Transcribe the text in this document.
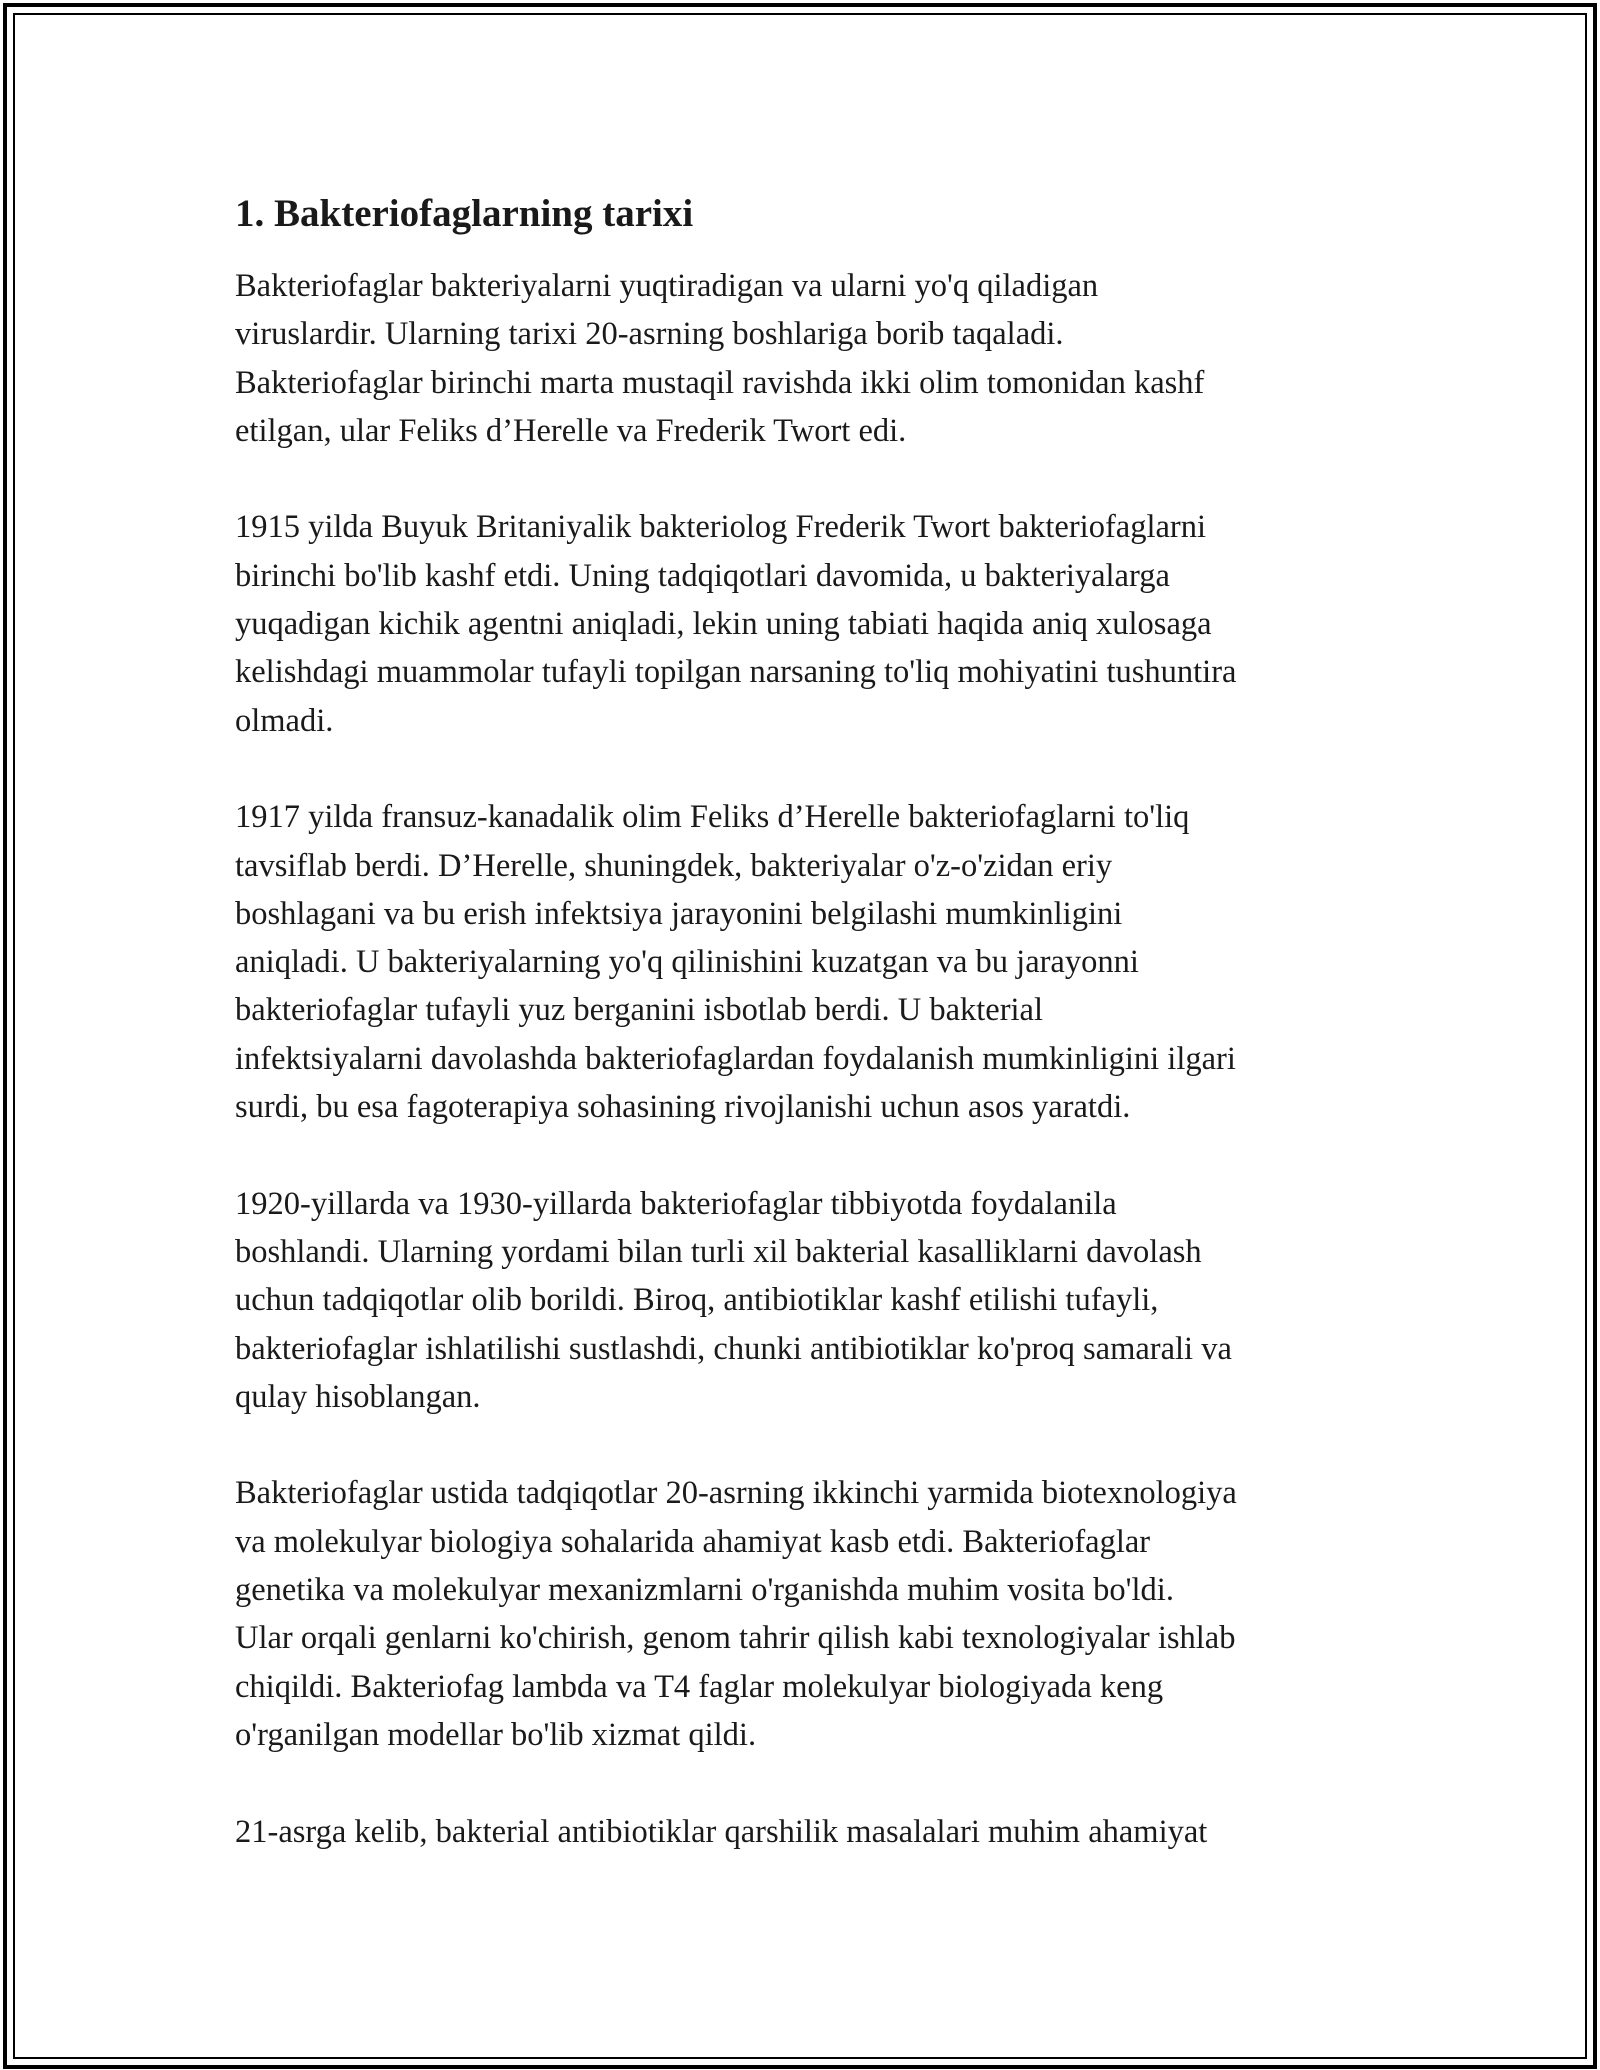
1. Bakteriofaglarning tarixi
Bakteriofaglar bakteriyalarni yuqtiradigan va ularni yo'q qiladigan
viruslardir. Ularning tarixi 20-asrning boshlariga borib taqaladi.
Bakteriofaglar birinchi marta mustaqil ravishda ikki olim tomonidan kashf
etilgan, ular Feliks d’Herelle va Frederik Twort edi.
1915 yilda Buyuk Britaniyalik bakteriolog Frederik Twort bakteriofaglarni
birinchi bo'lib kashf etdi. Uning tadqiqotlari davomida, u bakteriyalarga
yuqadigan kichik agentni aniqladi, lekin uning tabiati haqida aniq xulosaga
kelishdagi muammolar tufayli topilgan narsaning to'liq mohiyatini tushuntira
olmadi.
1917 yilda fransuz-kanadalik olim Feliks d’Herelle bakteriofaglarni to'liq
tavsiflab berdi. D’Herelle, shuningdek, bakteriyalar o'z-o'zidan eriy
boshlagani va bu erish infektsiya jarayonini belgilashi mumkinligini
aniqladi. U bakteriyalarning yo'q qilinishini kuzatgan va bu jarayonni
bakteriofaglar tufayli yuz berganini isbotlab berdi. U bakterial
infektsiyalarni davolashda bakteriofaglardan foydalanish mumkinligini ilgari
surdi, bu esa fagoterapiya sohasining rivojlanishi uchun asos yaratdi.
1920-yillarda va 1930-yillarda bakteriofaglar tibbiyotda foydalanila
boshlandi. Ularning yordami bilan turli xil bakterial kasalliklarni davolash
uchun tadqiqotlar olib borildi. Biroq, antibiotiklar kashf etilishi tufayli,
bakteriofaglar ishlatilishi sustlashdi, chunki antibiotiklar ko'proq samarali va
qulay hisoblangan.
Bakteriofaglar ustida tadqiqotlar 20-asrning ikkinchi yarmida biotexnologiya
va molekulyar biologiya sohalarida ahamiyat kasb etdi. Bakteriofaglar
genetika va molekulyar mexanizmlarni o'rganishda muhim vosita bo'ldi.
Ular orqali genlarni ko'chirish, genom tahrir qilish kabi texnologiyalar ishlab
chiqildi. Bakteriofag lambda va T4 faglar molekulyar biologiyada keng
o'rganilgan modellar bo'lib xizmat qildi.
21-asrga kelib, bakterial antibiotiklar qarshilik masalalari muhim ahamiyat
